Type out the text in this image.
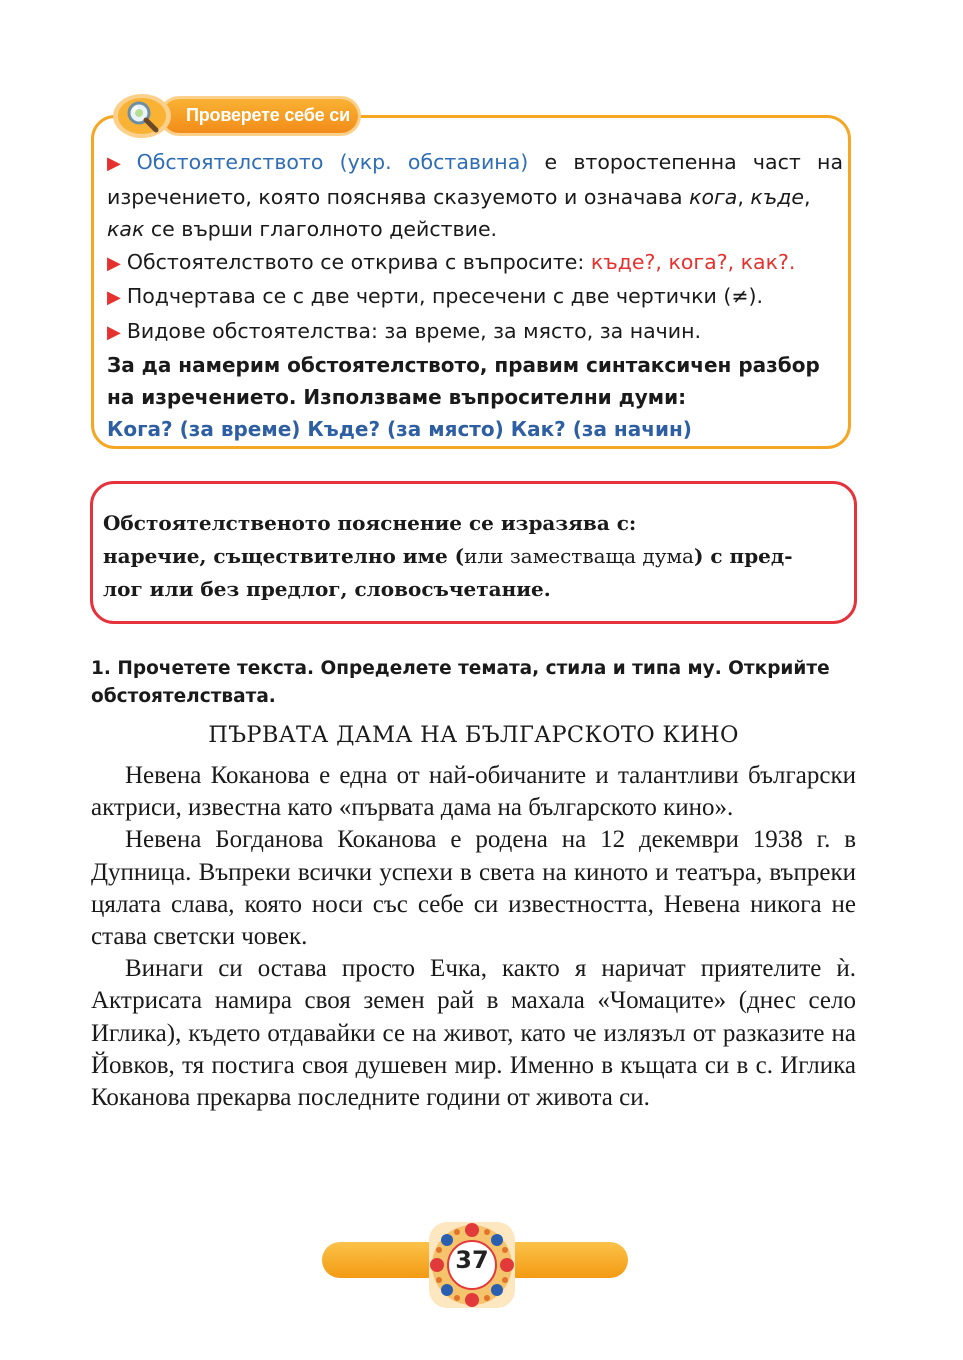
Проверете себе си

▶ Обстоятелството (укр. обставина) е второстепенна част на изречението, която пояснява сказуемото и означава кога, къде,
как се върши глаголното действие.

▶ Обстоятелството се открива с въпросите: къде?, кога?, как?.

▶ Подчертава се с две черти, пресечени с две чертички (≠).

▶ Видове обстоятелства: за време, за място, за начин.

За да намерим обстоятелството, правим синтаксичен разбор на изречението. Използваме въпросителни думи:

Кога? (за време) Къде? (за място) Как? (за начин)

Обстоятелственото пояснение се изразява с:

наречие, съществително име (или заместваща дума) с пред-

лог или без предлог, словосъчетание.

1. Прочетете текста. Определете темата, стила и типа му. Открийте обстоятелствата.

ПЪРВАТА ДАМА НА БЪЛГАРСКОТО КИНО

Невена Коканова е една от най-обичаните и талантливи български актриси, известна като «първата дама на българското кино».

Невена Богданова Коканова е родена на 12 декември 1938 г. в Дупница. Въпреки всички успехи в света на киното и театъра, въпреки цялата слава, която носи със себе си известността, Невена никога не става светски човек.

Винаги си остава просто Ечка, както я наричат приятелите ѝ. Актрисата намира своя земен рай в махала «Чомаците» (днес село Иглика), където отдавайки се на живот, като че излязъл от разказите на Йовков, тя постига своя душевен мир. Именно в къщата си в с. Иглика Коканова прекарва последните години от живота си.

37
